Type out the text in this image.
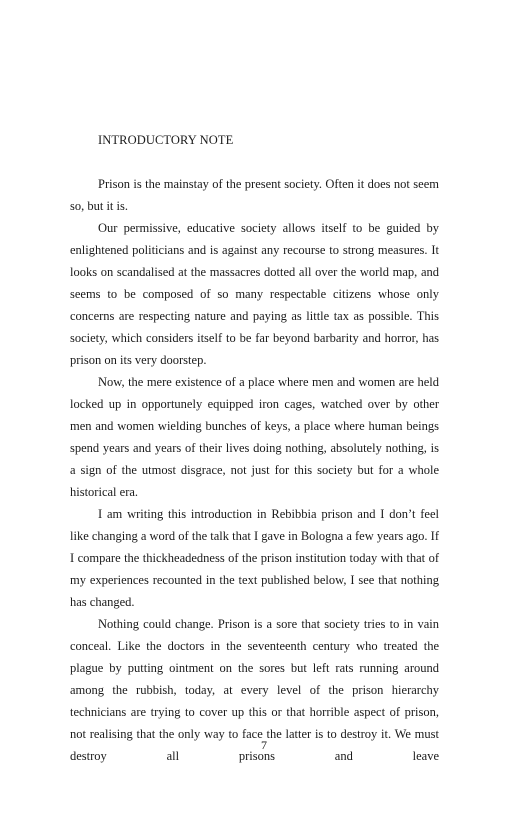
INTRODUCTORY NOTE

Prison is the mainstay of the present society. Often it does not seem so, but it is.

Our permissive, educative society allows itself to be guided by enlightened politicians and is against any recourse to strong measures. It looks on scandalised at the massacres dotted all over the world map, and seems to be composed of so many respectable citizens whose only concerns are respecting nature and paying as little tax as possible. This society, which considers itself to be far beyond barbarity and horror, has prison on its very doorstep.

Now, the mere existence of a place where men and women are held locked up in opportunely equipped iron cages, watched over by other men and women wielding bunches of keys, a place where human beings spend years and years of their lives doing nothing, absolutely nothing, is a sign of the utmost disgrace, not just for this society but for a whole historical era.

I am writing this introduction in Rebibbia prison and I don’t feel like changing a word of the talk that I gave in Bologna a few years ago. If I compare the thickheadedness of the prison institution today with that of my experiences recounted in the text published below, I see that nothing has changed.

Nothing could change. Prison is a sore that society tries to in vain conceal. Like the doctors in the seventeenth century who treated the plague by putting ointment on the sores but left rats running around among the rubbish, today, at every level of the prison hierarchy technicians are trying to cover up this or that horrible aspect of prison, not realising that the only way to face the latter is to destroy it. We must destroy all prisons and leave

7
